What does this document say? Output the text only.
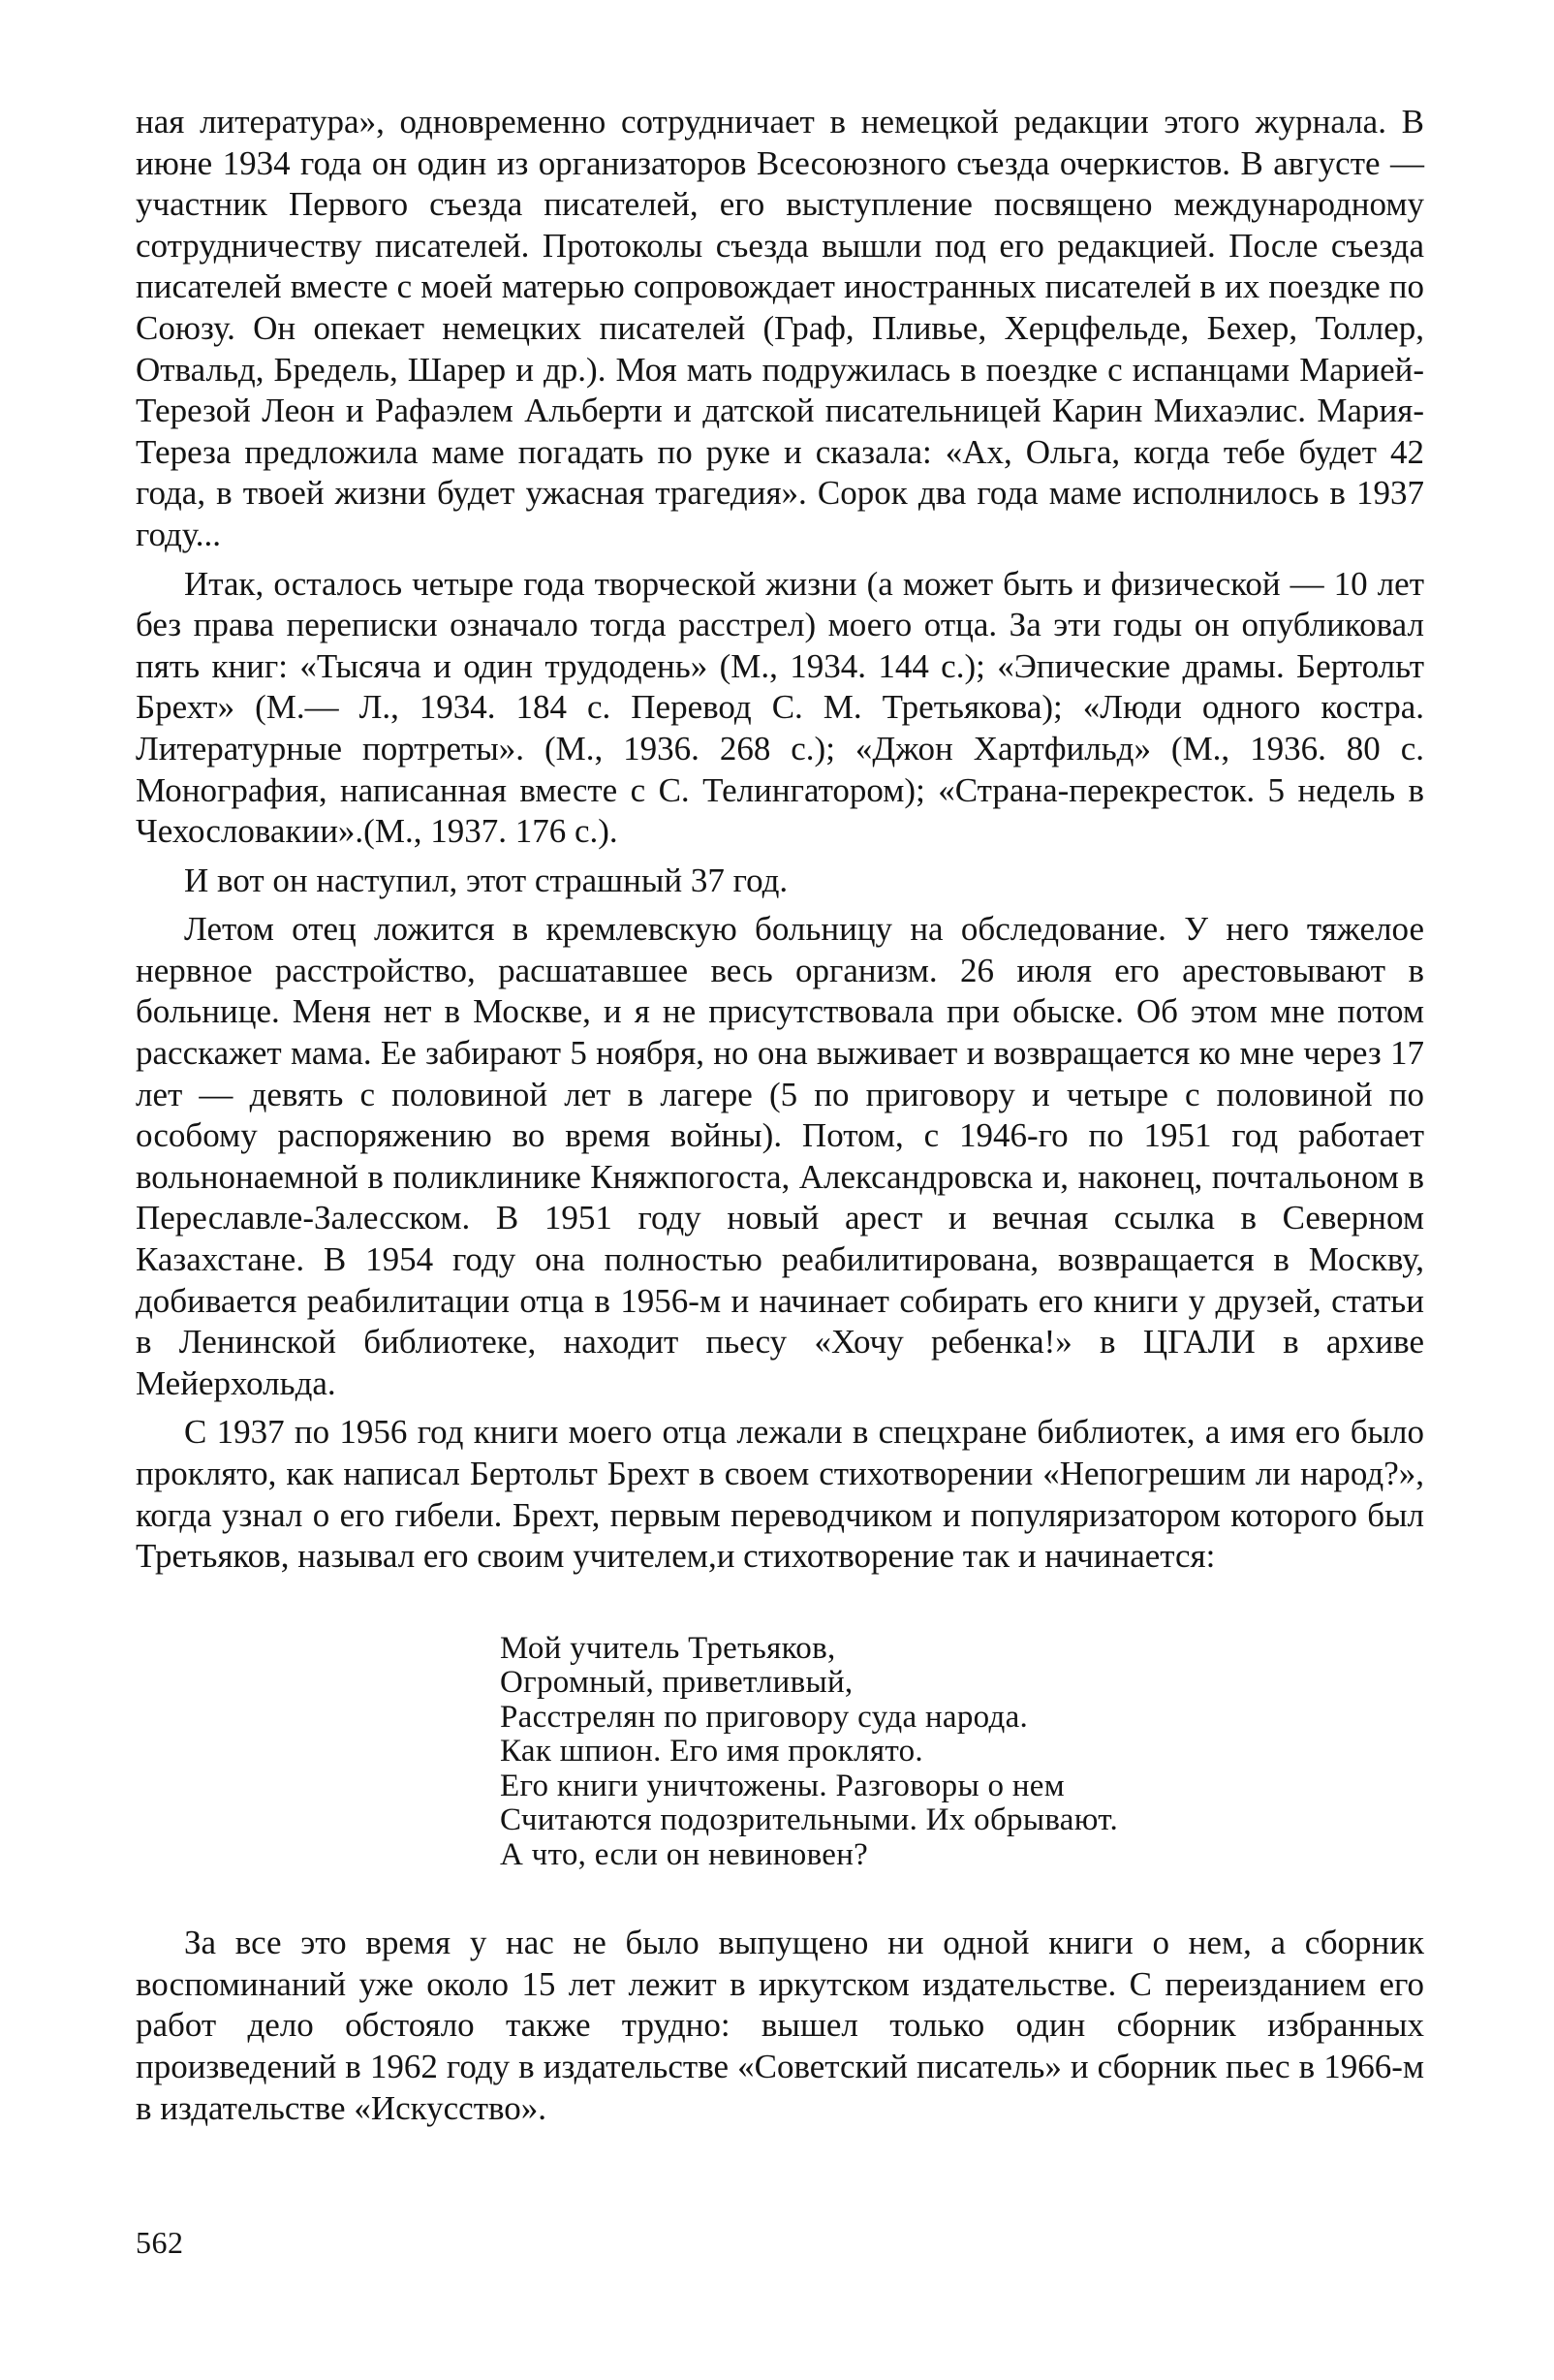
ная литература», одновременно сотрудничает в немецкой редакции этого журнала. В июне 1934 года он один из организаторов Всесоюзного съезда очеркистов. В августе — участник Первого съезда писателей, его выступление посвящено международному сотрудничеству писателей. Протоколы съезда вышли под его редакцией. После съезда писателей вместе с моей матерью сопровождает иностранных писателей в их поездке по Союзу. Он опекает немецких писателей (Граф, Пливье, Херцфельде, Бехер, Толлер, Отвальд, Бредель, Шарер и др.). Моя мать подружилась в поездке с испанцами Марией-Терезой Леон и Рафаэлем Альберти и датской писательницей Карин Михаэлис. Мария-Тереза предложила маме погадать по руке и сказала: «Ах, Ольга, когда тебе будет 42 года, в твоей жизни будет ужасная трагедия». Сорок два года маме исполнилось в 1937 году...

Итак, осталось четыре года творческой жизни (а может быть и физической — 10 лет без права переписки означало тогда расстрел) моего отца. За эти годы он опубликовал пять книг: «Тысяча и один трудодень» (М., 1934. 144 с.); «Эпические драмы. Бертольт Брехт» (М.— Л., 1934. 184 с. Перевод С. М. Третьякова); «Люди одного костра. Литературные портреты». (М., 1936. 268 с.); «Джон Хартфильд» (М., 1936. 80 с. Монография, написанная вместе с С. Телингатором); «Страна-перекресток. 5 недель в Чехословакии».(М., 1937. 176 с.).

И вот он наступил, этот страшный 37 год.

Летом отец ложится в кремлевскую больницу на обследование. У него тяжелое нервное расстройство, расшатавшее весь организм. 26 июля его арестовывают в больнице. Меня нет в Москве, и я не присутствовала при обыске. Об этом мне потом расскажет мама. Ее забирают 5 ноября, но она выживает и возвращается ко мне через 17 лет — девять с половиной лет в лагере (5 по приговору и четыре с половиной по особому распоряжению во время войны). Потом, с 1946-го по 1951 год работает вольнонаемной в поликлинике Княжпогоста, Александровска и, наконец, почтальоном в Переславле-Залесском. В 1951 году новый арест и вечная ссылка в Северном Казахстане. В 1954 году она полностью реабилитирована, возвращается в Москву, добивается реабилитации отца в 1956-м и начинает собирать его книги у друзей, статьи в Ленинской библиотеке, находит пьесу «Хочу ребенка!» в ЦГАЛИ в архиве Мейерхольда.

С 1937 по 1956 год книги моего отца лежали в спецхране библиотек, а имя его было проклято, как написал Бертольт Брехт в своем стихотворении «Непогрешим ли народ?», когда узнал о его гибели. Брехт, первым переводчиком и популяризатором которого был Третьяков, называл его своим учителем,и стихотворение так и начинается:

Мой учитель Третьяков,
Огромный, приветливый,
Расстрелян по приговору суда народа.
Как шпион. Его имя проклято.
Его книги уничтожены. Разговоры о нем
Считаются подозрительными. Их обрывают.
А что, если он невиновен?

За все это время у нас не было выпущено ни одной книги о нем, а сборник воспоминаний уже около 15 лет лежит в иркутском издательстве. С переизданием его работ дело обстояло также трудно: вышел только один сборник избранных произведений в 1962 году в издательстве «Советский писатель» и сборник пьес в 1966-м в издательстве «Искусство».

562
